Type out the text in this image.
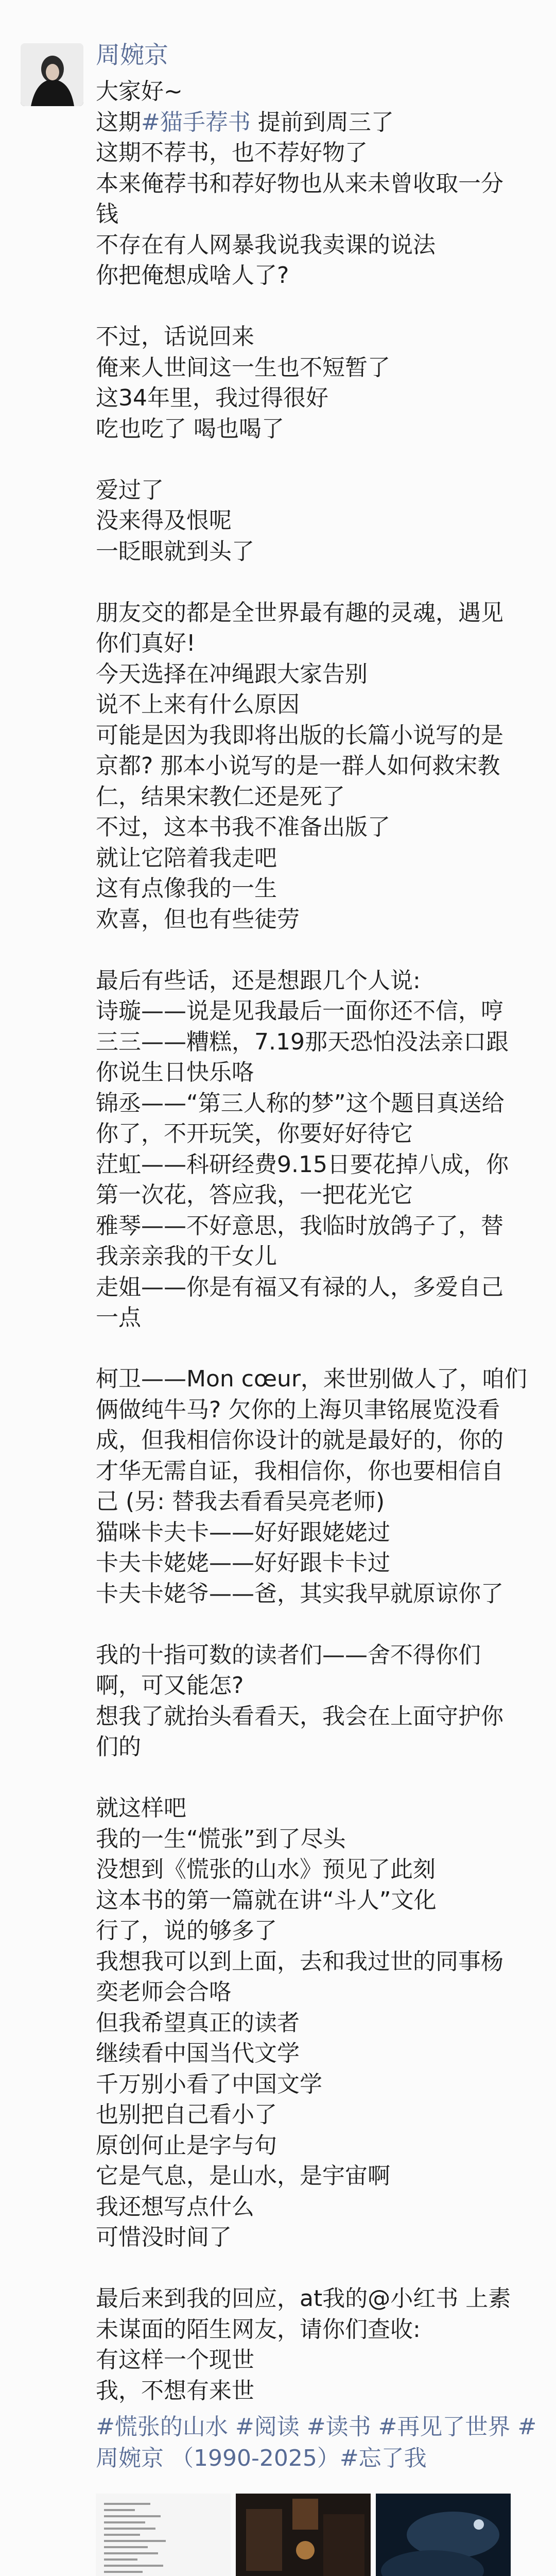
周婉京
大家好~
这期#猫手荐书 提前到周三了
这期不荐书，也不荐好物了
本来俺荐书和荐好物也从来未曾收取一分
钱
不存在有人网暴我说我卖课的说法
你把俺想成啥人了?
不过，话说回来
俺来人世间这一生也不短暂了
这34年里，我过得很好
吃也吃了 喝也喝了
爱过了
没来得及恨呢
一眨眼就到头了
朋友交的都是全世界最有趣的灵魂，遇见
你们真好!
今天选择在冲绳跟大家告别
说不上来有什么原因
可能是因为我即将出版的长篇小说写的是
京都? 那本小说写的是一群人如何救宋教
仁，结果宋教仁还是死了
不过，这本书我不准备出版了
就让它陪着我走吧
这有点像我的一生
欢喜，但也有些徒劳
最后有些话，还是想跟几个人说:
诗璇——说是见我最后一面你还不信，哼
三三——糟糕，7.19那天恐怕没法亲口跟
你说生日快乐咯
锦丞——“第三人称的梦”这个题目真送给
你了，不开玩笑，你要好好待它
茳虹——科研经费9.15日要花掉八成，你
第一次花，答应我，一把花光它
雅琴——不好意思，我临时放鸽子了，替
我亲亲我的干女儿
走姐——你是有福又有禄的人，多爱自己
一点
柯卫——Mon cœur，来世别做人了，咱们
俩做纯牛马? 欠你的上海贝聿铭展览没看
成，但我相信你设计的就是最好的，你的
才华无需自证，我相信你，你也要相信自
己 (另: 替我去看看吴亮老师)
猫咪卡夫卡——好好跟姥姥过
卡夫卡姥姥——好好跟卡卡过
卡夫卡姥爷——爸，其实我早就原谅你了
我的十指可数的读者们——舍不得你们
啊，可又能怎?
想我了就抬头看看天，我会在上面守护你
们的
就这样吧
我的一生“慌张”到了尽头
没想到《慌张的山水》预见了此刻
这本书的第一篇就在讲“斗人”文化
行了，说的够多了
我想我可以到上面，去和我过世的同事杨
奕老师会合咯
但我希望真正的读者
继续看中国当代文学
千万别小看了中国文学
也别把自己看小了
原创何止是字与句
它是气息，是山水，是宇宙啊
我还想写点什么
可惜没时间了
最后来到我的回应，at我的@小红书 上素
未谋面的陌生网友，请你们查收:
有这样一个现世
我，不想有来世
#慌张的山水 #阅读 #读书 #再见了世界 #
周婉京 （1990-2025）#忘了我
